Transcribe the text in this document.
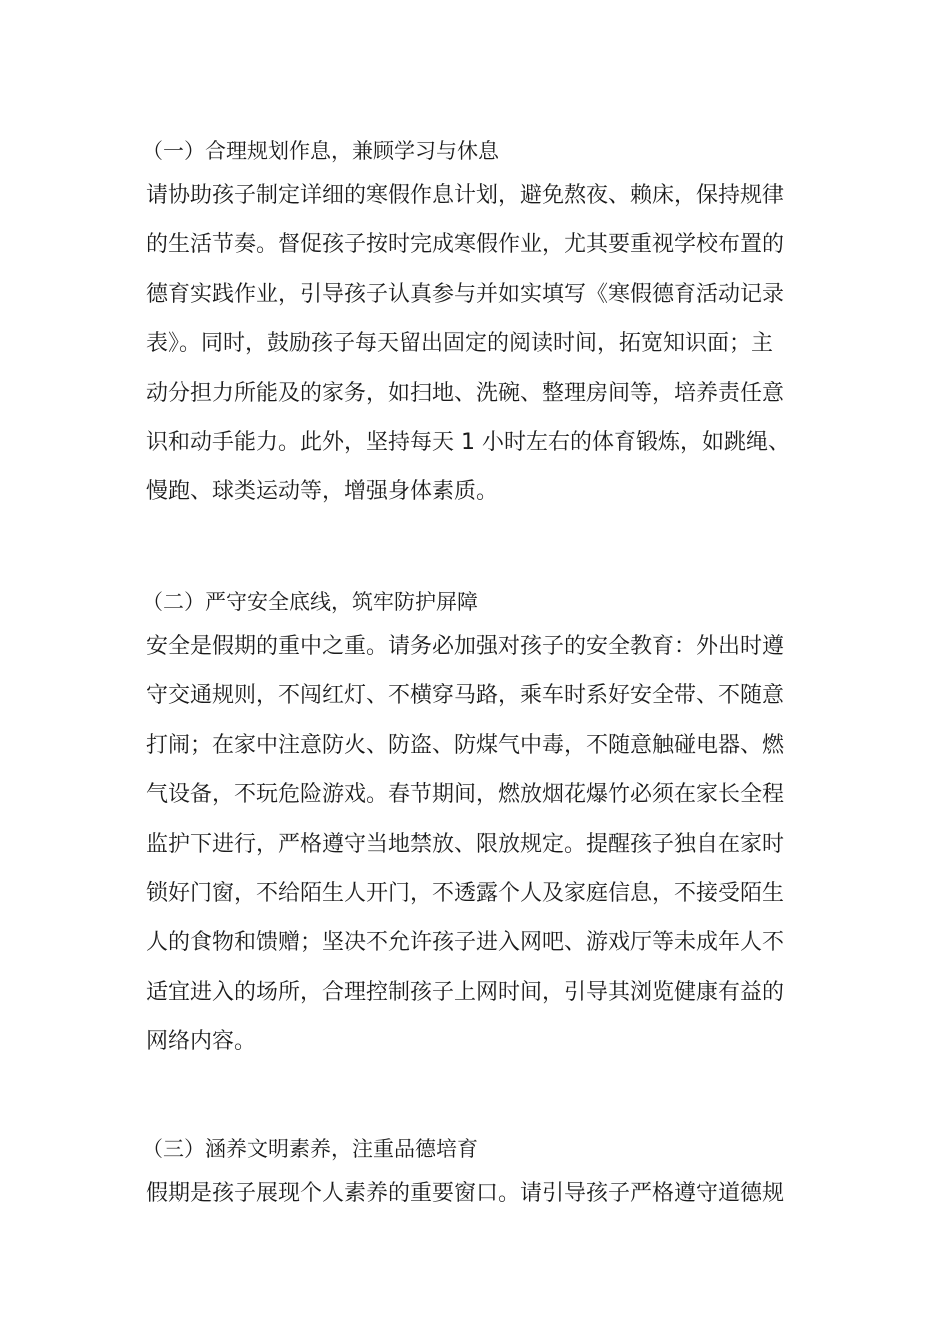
（一）合理规划作息，兼顾学习与休息
请协助孩子制定详细的寒假作息计划，避免熬夜、赖床，保持规律
的生活节奏。督促孩子按时完成寒假作业，尤其要重视学校布置的
德育实践作业，引导孩子认真参与并如实填写《寒假德育活动记录
表》。同时，鼓励孩子每天留出固定的阅读时间，拓宽知识面；主
动分担力所能及的家务，如扫地、洗碗、整理房间等，培养责任意
识和动手能力。此外，坚持每天 1 小时左右的体育锻炼，如跳绳、
慢跑、球类运动等，增强身体素质。
（二）严守安全底线，筑牢防护屏障
安全是假期的重中之重。请务必加强对孩子的安全教育：外出时遵
守交通规则，不闯红灯、不横穿马路，乘车时系好安全带、不随意
打闹；在家中注意防火、防盗、防煤气中毒，不随意触碰电器、燃
气设备，不玩危险游戏。春节期间，燃放烟花爆竹必须在家长全程
监护下进行，严格遵守当地禁放、限放规定。提醒孩子独自在家时
锁好门窗，不给陌生人开门，不透露个人及家庭信息，不接受陌生
人的食物和馈赠；坚决不允许孩子进入网吧、游戏厅等未成年人不
适宜进入的场所，合理控制孩子上网时间，引导其浏览健康有益的
网络内容。
（三）涵养文明素养，注重品德培育
假期是孩子展现个人素养的重要窗口。请引导孩子严格遵守道德规
